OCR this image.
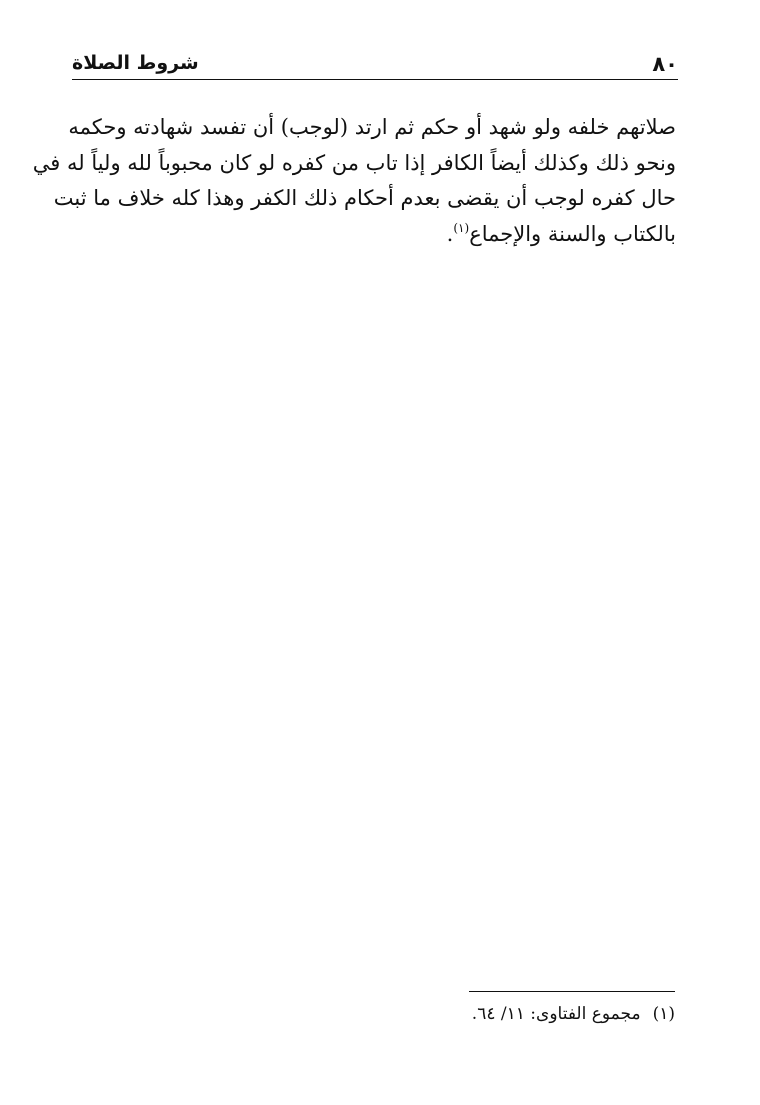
٨٠
شروط الصلاة
صلاتهم خلفه ولو شهد أو حكم ثم ارتد (لوجب) أن تفسد شهادته وحكمه
ونحو ذلك وكذلك أيضاً الكافر إذا تاب من كفره لو كان محبوباً لله ولياً له في
حال كفره لوجب أن يقضى بعدم أحكام ذلك الكفر وهذا كله خلاف ما ثبت
بالكتاب والسنة والإجماع$^{(١)}$.
(١)مجموع الفتاوى: ١١/ ٦٤.
